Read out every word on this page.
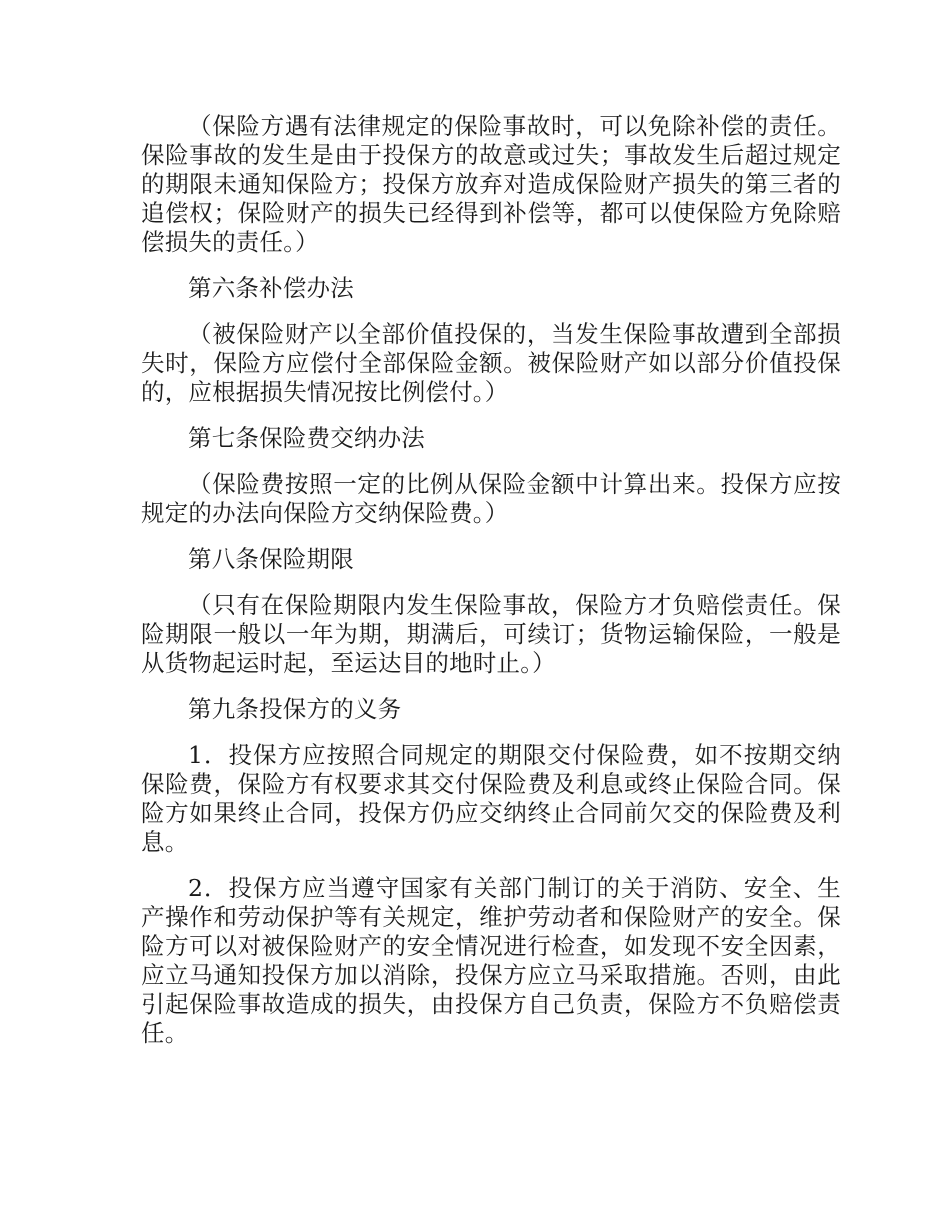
（保险方遇有法律规定的保险事故时，可以免除补偿的责任。保险事故的发生是由于投保方的故意或过失；事故发生后超过规定的期限未通知保险方；投保方放弃对造成保险财产损失的第三者的追偿权；保险财产的损失已经得到补偿等，都可以使保险方免除赔偿损失的责任。）

第六条补偿办法

（被保险财产以全部价值投保的，当发生保险事故遭到全部损失时，保险方应偿付全部保险金额。被保险财产如以部分价值投保的，应根据损失情况按比例偿付。）

第七条保险费交纳办法

（保险费按照一定的比例从保险金额中计算出来。投保方应按规定的办法向保险方交纳保险费。）

第八条保险期限

（只有在保险期限内发生保险事故，保险方才负赔偿责任。保险期限一般以一年为期，期满后，可续订；货物运输保险，一般是从货物起运时起，至运达目的地时止。）

第九条投保方的义务

1．投保方应按照合同规定的期限交付保险费，如不按期交纳保险费，保险方有权要求其交付保险费及利息或终止保险合同。保险方如果终止合同，投保方仍应交纳终止合同前欠交的保险费及利息。

2．投保方应当遵守国家有关部门制订的关于消防、安全、生产操作和劳动保护等有关规定，维护劳动者和保险财产的安全。保险方可以对被保险财产的安全情况进行检查，如发现不安全因素，应立马通知投保方加以消除，投保方应立马采取措施。否则，由此引起保险事故造成的损失，由投保方自己负责，保险方不负赔偿责任。
